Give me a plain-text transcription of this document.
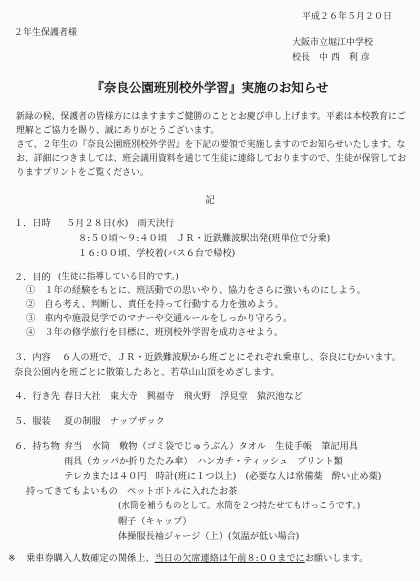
平成２６年５月２０日
２年生保護者様
大阪市立堀江中学校
校長　中 西　利 彦
『奈良公園班別校外学習』実施のお知らせ
新緑の候、保護者の皆様方にはますますご健勝のこととお慶び申し上げます。平素は本校教育にご理解とご協力を賜り、誠にありがとうございます。
さて、２年生の『奈良公園班別校外学習』を下記の要領で実施しますのでお知らせいたします。なお、詳細につきましては、班会議用資料を通じて生徒に連絡しておりますので、生徒が保管しておりますプリントをご覧ください。
記
１．日時 ５月２８日(水)　雨天決行
８:５０頃～９:４０頃　ＪＲ・近鉄難波駅出発(班単位で分乗)
１６:００頃、学校着(バス６台で帰校)
２．目的 (生徒に指導している目的です。)
①　１年の経験をもとに、班活動での思いやり、協力をさらに強いものにしよう。
②　自ら考え、判断し、責任を持って行動する力を強めよう。
③　車内や施設見学でのマナーや交通ルールをしっかり守ろう。
④　３年の修学旅行を目標に、班別校外学習を成功させよう。
３．内容 ６人の班で、ＪＲ・近鉄難波駅から班ごとにそれぞれ乗車し、奈良にむかいます。
奈良公園内を班ごとに散策したあと、若草山山頂をめざします。
４．行き先 春日大社　東大寺　興福寺　飛火野　浮見堂　猿沢池など
５．服装 夏の制服　ナップザック
６．持ち物 弁当　水筒　敷物（ゴミ袋でじゅうぶん）タオル　生徒手帳　筆記用具
雨具（カッパか折りたたみ傘）　ハンカチ・ティッシュ　プリント類
テレカまたは４０円　時計(班に１つ以上)　(必要な人は常備薬　酔い止め薬)
持ってきてもよいもの　ペットボトルに入れたお茶
(水筒を補うものとして。水筒を２つ持たせてもけっこうです。)
帽子（キャップ）
体操服長袖ジャージ（上）(気温が低い場合)
※ 乗車券購入人数確定の関係上、当日の欠席連絡は午前８:００までにお願いします。
